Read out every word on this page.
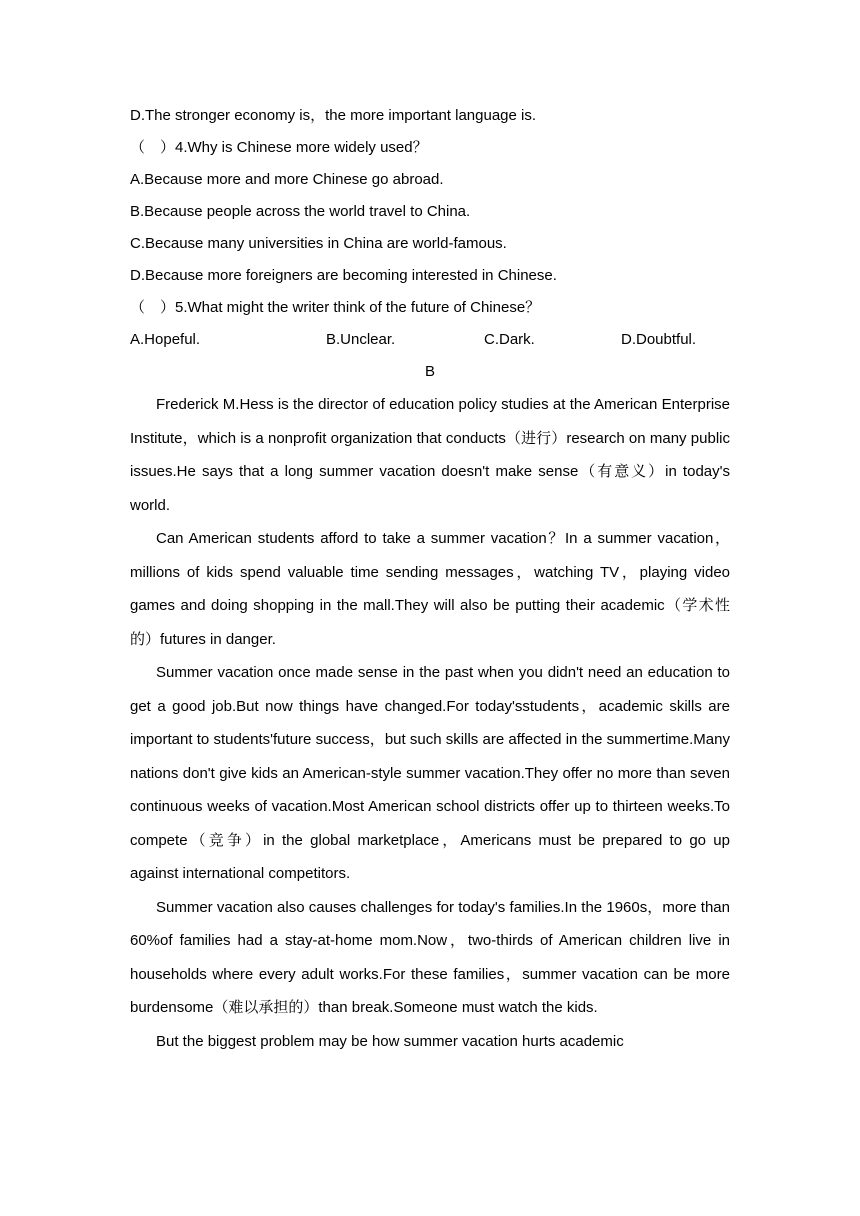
D.The stronger economy is，the more important language is.
（　）4.Why is Chinese more widely used？
A.Because more and more Chinese go abroad.
B.Because people across the world travel to China.
C.Because many universities in China are world-famous.
D.Because more foreigners are becoming interested in Chinese.
（　）5.What might the writer think of the future of Chinese？
A.Hopeful.	B.Unclear.	C.Dark.	D.Doubtful.
B

Frederick M.Hess is the director of education policy studies at the American Enterprise Institute，which is a nonprofit organization that conducts（进行）research on many public issues.He says that a long summer vacation doesn't make sense（有意义）in today's world.

Can American students afford to take a summer vacation？In a summer vacation，millions of kids spend valuable time sending messages，watching TV，playing video games and doing shopping in the mall.They will also be putting their academic（学术性的）futures in danger.

Summer vacation once made sense in the past when you didn't need an education to get a good job.But now things have changed.For today'sstudents，academic skills are important to students'future success，but such skills are affected in the summertime.Many nations don't give kids an American-style summer vacation.They offer no more than seven continuous weeks of vacation.Most American school districts offer up to thirteen weeks.To compete（竞争）in the global marketplace，Americans must be prepared to go up against international competitors.

Summer vacation also causes challenges for today's families.In the 1960s，more than 60%of families had a stay-at-home mom.Now，two-thirds of American children live in households where every adult works.For these families，summer vacation can be more burdensome（难以承担的）than break.Someone must watch the kids.

But the biggest problem may be how summer vacation hurts academic
